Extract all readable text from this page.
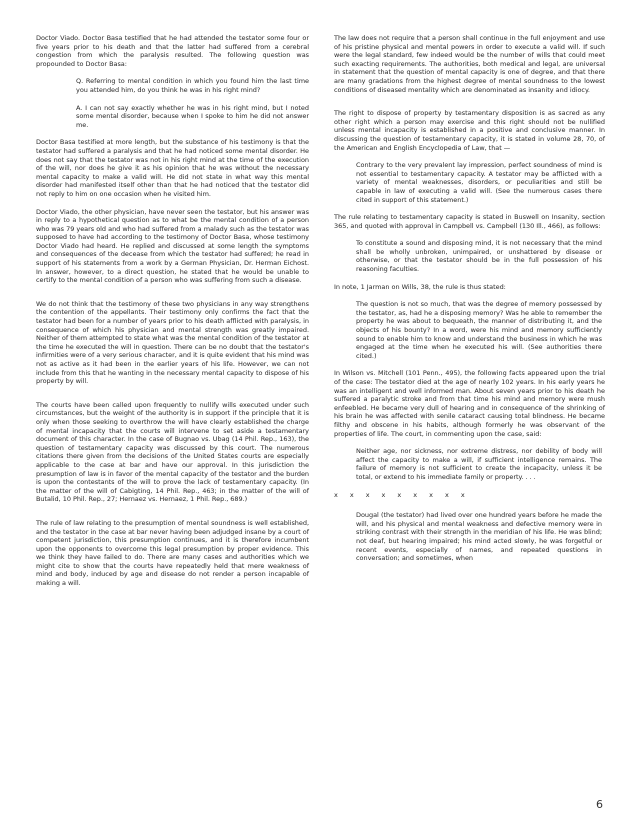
Doctor Viado. Doctor Basa testified that he had attended the testator some four or five years prior to his death and that the latter had suffered from a cerebral congestion from which the paralysis resulted. The following question was propounded to Doctor Basa:

Q. Referring to mental condition in which you found him the last time you attended him, do you think he was in his right mind?

A. I can not say exactly whether he was in his right mind, but I noted some mental disorder, because when I spoke to him he did not answer me.

Doctor Basa testified at more length, but the substance of his testimony is that the testator had suffered a paralysis and that he had noticed some mental disorder. He does not say that the testator was not in his right mind at the time of the execution of the will, nor does he give it as his opinion that he was without the necessary mental capacity to make a valid will. He did not state in what way this mental disorder had manifested itself other than that he had noticed that the testator did not reply to him on one occasion when he visited him.

Doctor Viado, the other physician, have never seen the testator, but his answer was in reply to a hypothetical question as to what be the mental condition of a person who was 79 years old and who had suffered from a malady such as the testator was supposed to have had according to the testimony of Doctor Basa, whose testimony Doctor Viado had heard. He replied and discussed at some length the symptoms and consequences of the decease from which the testator had suffered; he read in support of his statements from a work by a German Physician, Dr. Herman Eichost. In answer, however, to a direct question, he stated that he would be unable to certify to the mental condition of a person who was suffering from such a disease.

We do not think that the testimony of these two physicians in any way strengthens the contention of the appellants. Their testimony only confirms the fact that the testator had been for a number of years prior to his death afflicted with paralysis, in consequence of which his physician and mental strength was greatly impaired. Neither of them attempted to state what was the mental condition of the testator at the time he executed the will in question. There can be no doubt that the testator's infirmities were of a very serious character, and it is quite evident that his mind was not as active as it had been in the earlier years of his life. However, we can not include from this that he wanting in the necessary mental capacity to dispose of his property by will.

The courts have been called upon frequently to nullify wills executed under such circumstances, but the weight of the authority is in support if the principle that it is only when those seeking to overthrow the will have clearly established the charge of mental incapacity that the courts will intervene to set aside a testamentary document of this character. In the case of Bugnao vs. Ubag (14 Phil. Rep., 163), the question of testamentary capacity was discussed by this court. The numerous citations there given from the decisions of the United States courts are especially applicable to the case at bar and have our approval. In this jurisdiction the presumption of law is in favor of the mental capacity of the testator and the burden is upon the contestants of the will to prove the lack of testamentary capacity. (In the matter of the will of Cabigting, 14 Phil. Rep., 463; in the matter of the will of Butalid, 10 Phil. Rep., 27; Hernaez vs. Hernaez, 1 Phil. Rep., 689.)

The rule of law relating to the presumption of mental soundness is well established, and the testator in the case at bar never having been adjudged insane by a court of competent jurisdiction, this presumption continues, and it is therefore incumbent upon the opponents to overcome this legal presumption by proper evidence. This we think they have failed to do. There are many cases and authorities which we might cite to show that the courts have repeatedly held that mere weakness of mind and body, induced by age and disease do not render a person incapable of making a will.

The law does not require that a person shall continue in the full enjoyment and use of his pristine physical and mental powers in order to execute a valid will. If such were the legal standard, few indeed would be the number of wills that could meet such exacting requirements. The authorities, both medical and legal, are universal in statement that the question of mental capacity is one of degree, and that there are many gradations from the highest degree of mental soundness to the lowest conditions of diseased mentality which are denominated as insanity and idiocy.

The right to dispose of property by testamentary disposition is as sacred as any other right which a person may exercise and this right should not be nullified unless mental incapacity is established in a positive and conclusive manner. In discussing the question of testamentary capacity, it is stated in volume 28, 70, of the American and English Encyclopedia of Law, that —

Contrary to the very prevalent lay impression, perfect soundness of mind is not essential to testamentary capacity. A testator may be afflicted with a variety of mental weaknesses, disorders, or peculiarities and still be capable in law of executing a valid will. (See the numerous cases there cited in support of this statement.)

The rule relating to testamentary capacity is stated in Buswell on Insanity, section 365, and quoted with approval in Campbell vs. Campbell (130 Ill., 466), as follows:

To constitute a sound and disposing mind, it is not necessary that the mind shall be wholly unbroken, unimpaired, or unshattered by disease or otherwise, or that the testator should be in the full possession of his reasoning faculties.

In note, 1 Jarman on Wills, 38, the rule is thus stated:

The question is not so much, that was the degree of memory possessed by the testator, as, had he a disposing memory? Was he able to remember the property he was about to bequeath, the manner of distributing it, and the objects of his bounty? In a word, were his mind and memory sufficiently sound to enable him to know and understand the business in which he was engaged at the time when he executed his will. (See authorities there cited.)

In Wilson vs. Mitchell (101 Penn., 495), the following facts appeared upon the trial of the case: The testator died at the age of nearly 102 years. In his early years he was an intelligent and well informed man. About seven years prior to his death he suffered a paralytic stroke and from that time his mind and memory were mush enfeebled. He became very dull of hearing and in consequence of the shrinking of his brain he was affected with senile cataract causing total blindness. He became filthy and obscene in his habits, although formerly he was observant of the properties of life. The court, in commenting upon the case, said:

Neither age, nor sickness, nor extreme distress, nor debility of body will affect the capacity to make a will, if sufficient intelligence remains. The failure of memory is not sufficient to create the incapacity, unless it be total, or extend to his immediate family or property. . . .

x x x x x x x x x

Dougal (the testator) had lived over one hundred years before he made the will, and his physical and mental weakness and defective memory were in striking contrast with their strength in the meridian of his life. He was blind; not deaf, but hearing impaired; his mind acted slowly, he was forgetful or recent events, especially of names, and repeated questions in conversation; and sometimes, when

6
